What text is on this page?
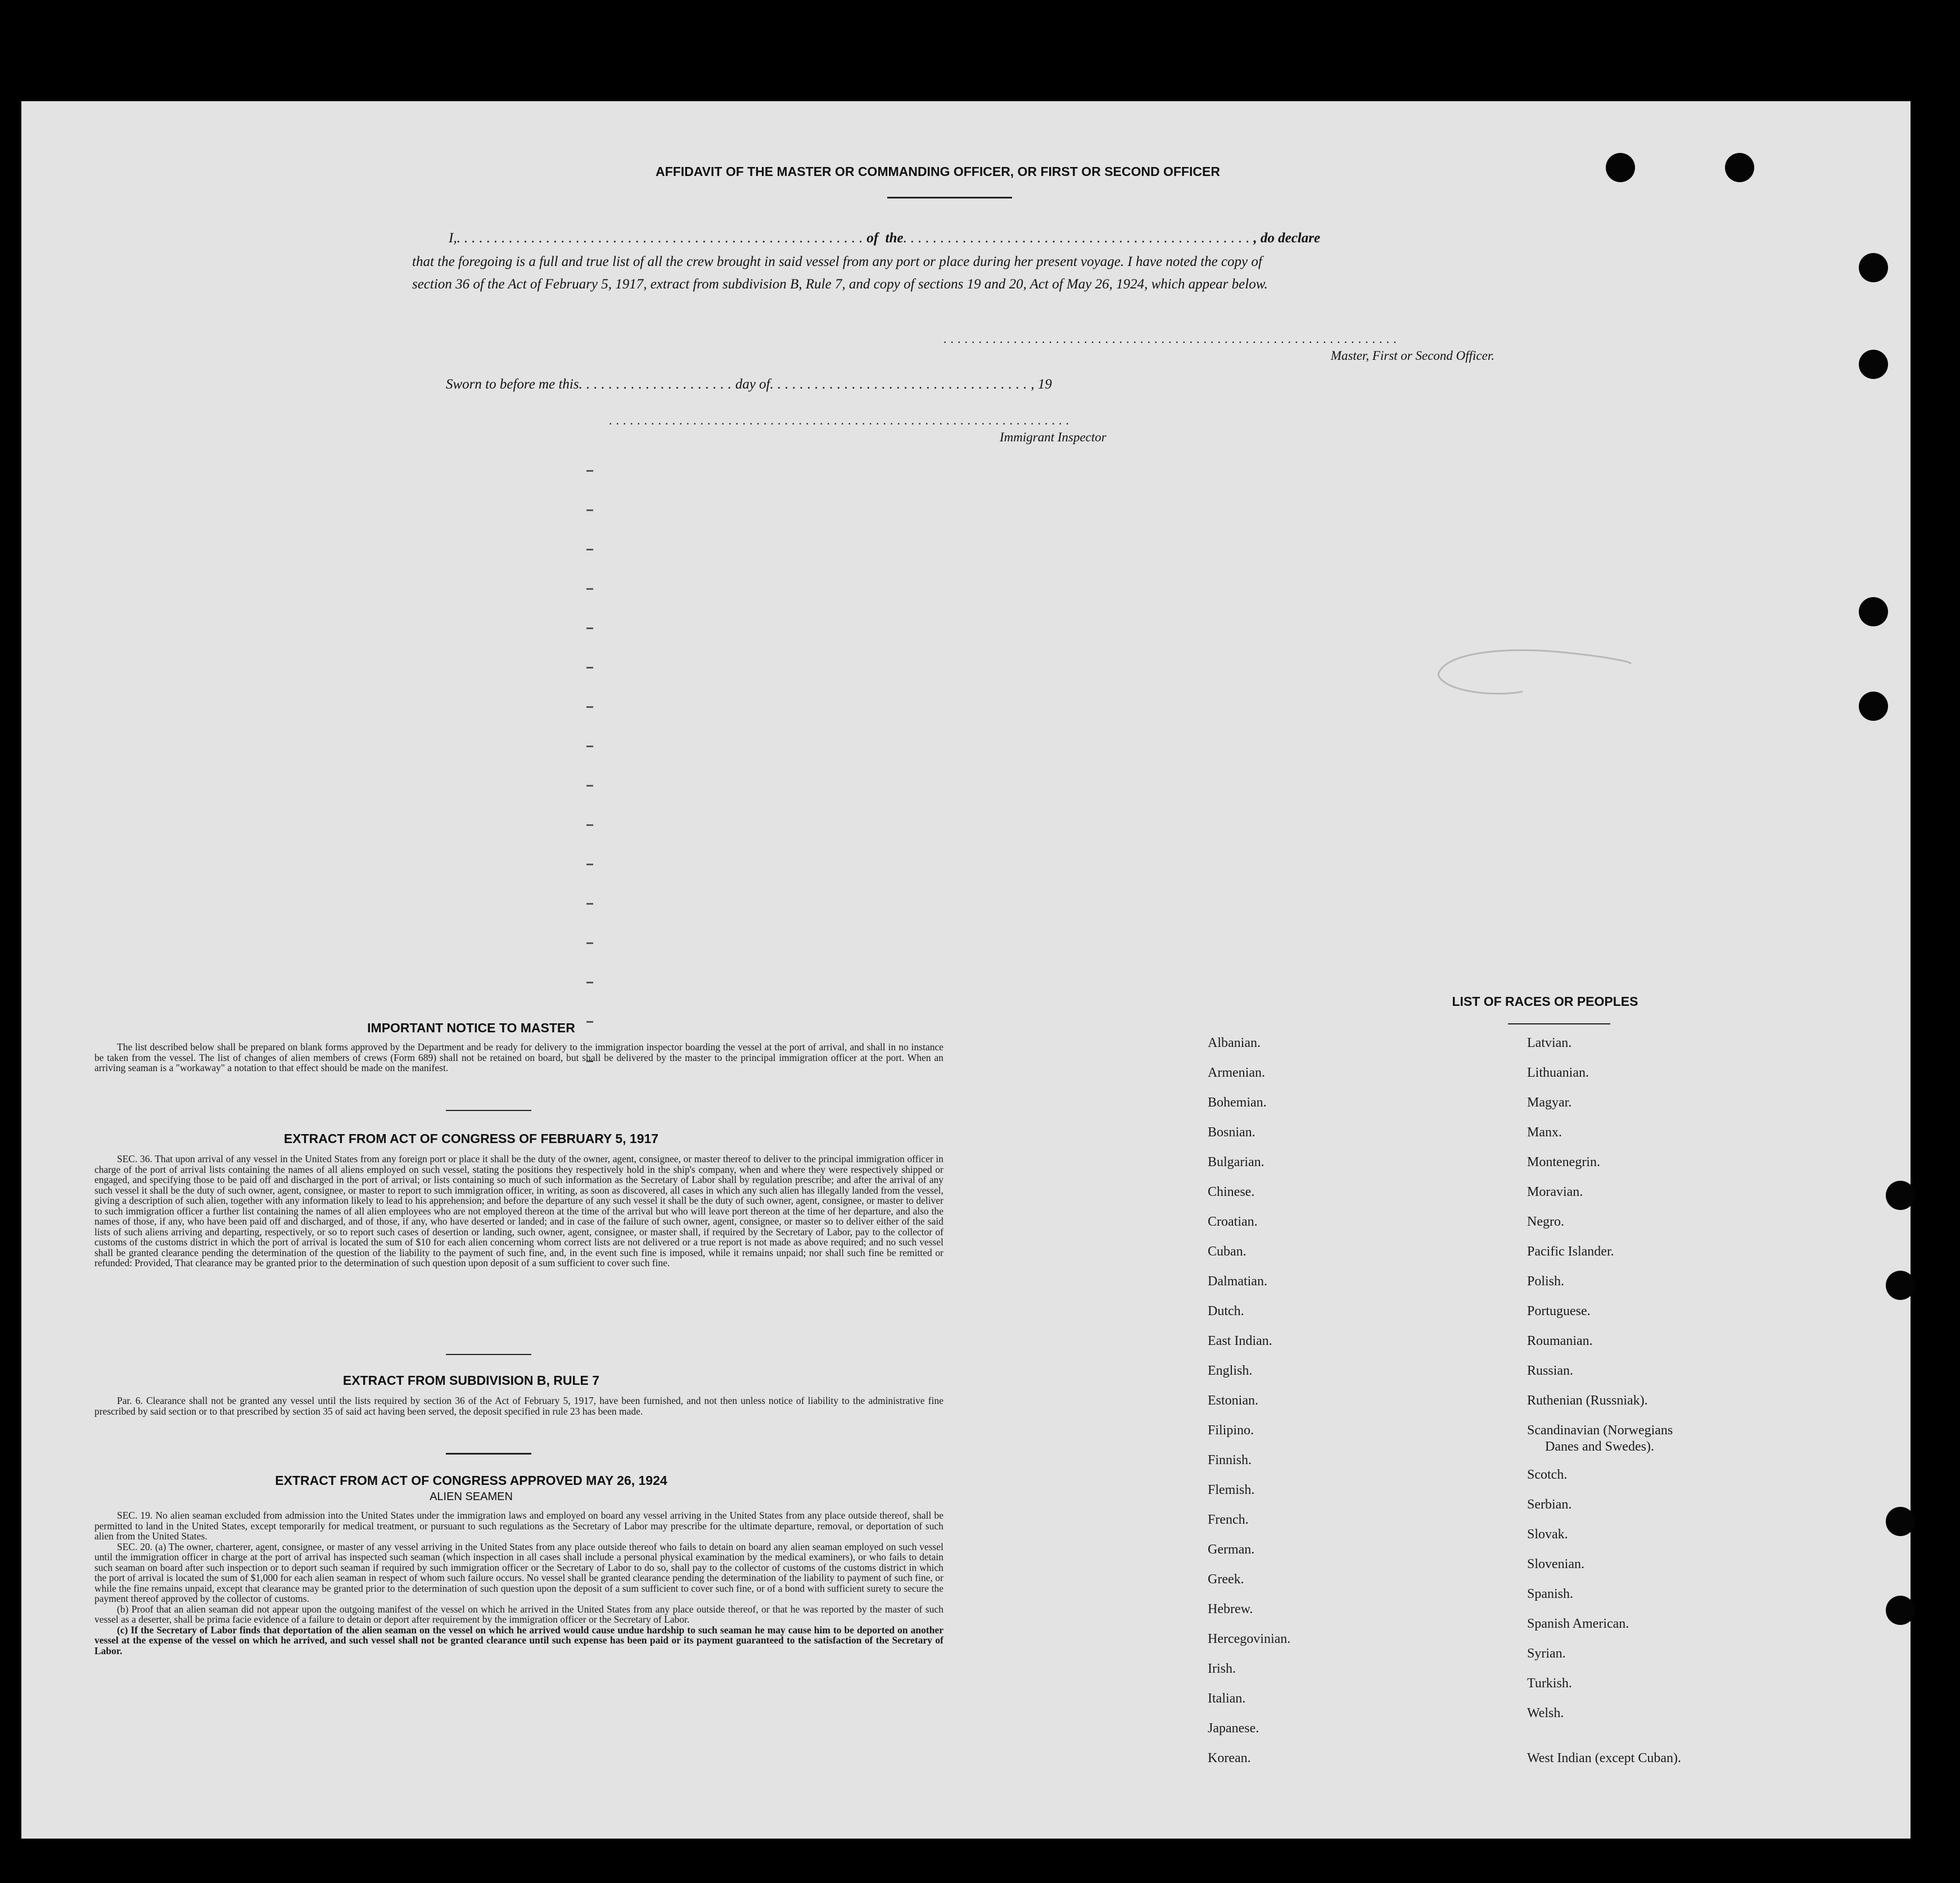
AFFIDAVIT OF THE MASTER OR COMMANDING OFFICER, OR FIRST OR SECOND OFFICER
I,.......................................................of the..............................................., do declare
that the foregoing is a full and true list of all the crew brought in said vessel from any port or place during her present voyage. I have noted the copy of
section 36 of the Act of February 5, 1917, extract from subdivision B, Rule 7, and copy of sections 19 and 20, Act of May 26, 1924, which appear below.
.................................................................
Master, First or Second Officer.
Sworn to before me this.....................day of..................................., 19
..................................................................
Immigrant Inspector
IMPORTANT NOTICE TO MASTER

The list described below shall be prepared on blank forms approved by the Department and be ready for delivery to the immigration inspector boarding the vessel at the port of arrival, and shall in no instance be taken from the vessel. The list of changes of alien members of crews (Form 689) shall not be retained on board, but shall be delivered by the master to the principal immigration officer at the port. When an arriving seaman is a "workaway" a notation to that effect should be made on the manifest.

EXTRACT FROM ACT OF CONGRESS OF FEBRUARY 5, 1917

SEC. 36. That upon arrival of any vessel in the United States from any foreign port or place it shall be the duty of the owner, agent, consignee, or master thereof to deliver to the principal immigration officer in charge of the port of arrival lists containing the names of all aliens employed on such vessel, stating the positions they respectively hold in the ship's company, when and where they were respectively shipped or engaged, and specifying those to be paid off and discharged in the port of arrival; or lists containing so much of such information as the Secretary of Labor shall by regulation prescribe; and after the arrival of any such vessel it shall be the duty of such owner, agent, consignee, or master to report to such immigration officer, in writing, as soon as discovered, all cases in which any such alien has illegally landed from the vessel, giving a description of such alien, together with any information likely to lead to his apprehension; and before the departure of any such vessel it shall be the duty of such owner, agent, consignee, or master to deliver to such immigration officer a further list containing the names of all alien employees who are not employed thereon at the time of the arrival but who will leave port thereon at the time of her departure, and also the names of those, if any, who have been paid off and discharged, and of those, if any, who have deserted or landed; and in case of the failure of such owner, agent, consignee, or master so to deliver either of the said lists of such aliens arriving and departing, respectively, or so to report such cases of desertion or landing, such owner, agent, consignee, or master shall, if required by the Secretary of Labor, pay to the collector of customs of the customs district in which the port of arrival is located the sum of $10 for each alien concerning whom correct lists are not delivered or a true report is not made as above required; and no such vessel shall be granted clearance pending the determination of the question of the liability to the payment of such fine, and, in the event such fine is imposed, while it remains unpaid; nor shall such fine be remitted or refunded: Provided, That clearance may be granted prior to the determination of such question upon deposit of a sum sufficient to cover such fine.

EXTRACT FROM SUBDIVISION B, RULE 7

Par. 6. Clearance shall not be granted any vessel until the lists required by section 36 of the Act of February 5, 1917, have been furnished, and not then unless notice of liability to the administrative fine prescribed by said section or to that prescribed by section 35 of said act having been served, the deposit specified in rule 23 has been made.

EXTRACT FROM ACT OF CONGRESS APPROVED MAY 26, 1924
ALIEN SEAMEN

SEC. 19. No alien seaman excluded from admission into the United States under the immigration laws and employed on board any vessel arriving in the United States from any place outside thereof, shall be permitted to land in the United States, except temporarily for medical treatment, or pursuant to such regulations as the Secretary of Labor may prescribe for the ultimate departure, removal, or deportation of such alien from the United States.

SEC. 20. (a) The owner, charterer, agent, consignee, or master of any vessel arriving in the United States from any place outside thereof who fails to detain on board any alien seaman employed on such vessel until the immigration officer in charge at the port of arrival has inspected such seaman (which inspection in all cases shall include a personal physical examination by the medical examiners), or who fails to detain such seaman on board after such inspection or to deport such seaman if required by such immigration officer or the Secretary of Labor to do so, shall pay to the collector of customs of the customs district in which the port of arrival is located the sum of $1,000 for each alien seaman in respect of whom such failure occurs. No vessel shall be granted clearance pending the determination of the liability to payment of such fine, or while the fine remains unpaid, except that clearance may be granted prior to the determination of such question upon the deposit of a sum sufficient to cover such fine, or of a bond with sufficient surety to secure the payment thereof approved by the collector of customs.

(b) Proof that an alien seaman did not appear upon the outgoing manifest of the vessel on which he arrived in the United States from any place outside thereof, or that he was reported by the master of such vessel as a deserter, shall be prima facie evidence of a failure to detain or deport after requirement by the immigration officer or the Secretary of Labor.

(c) If the Secretary of Labor finds that deportation of the alien seaman on the vessel on which he arrived would cause undue hardship to such seaman he may cause him to be deported on another vessel at the expense of the vessel on which he arrived, and such vessel shall not be granted clearance until such expense has been paid or its payment guaranteed to the satisfaction of the Secretary of Labor.

LIST OF RACES OR PEOPLES
Albanian.
Armenian.
Bohemian.
Bosnian.
Bulgarian.
Chinese.
Croatian.
Cuban.
Dalmatian.
Dutch.
East Indian.
English.
Estonian.
Filipino.
Finnish.
Flemish.
French.
German.
Greek.
Hebrew.
Hercegovinian.
Irish.
Italian.
Japanese.
Korean.
Latvian.
Lithuanian.
Magyar.
Manx.
Montenegrin.
Moravian.
Negro.
Pacific Islander.
Polish.
Portuguese.
Roumanian.
Russian.
Ruthenian (Russniak).
Scandinavian (Norwegians
Danes and Swedes).
Scotch.
Serbian.
Slovak.
Slovenian.
Spanish.
Spanish American.
Syrian.
Turkish.
Welsh.
West Indian (except Cuban).
